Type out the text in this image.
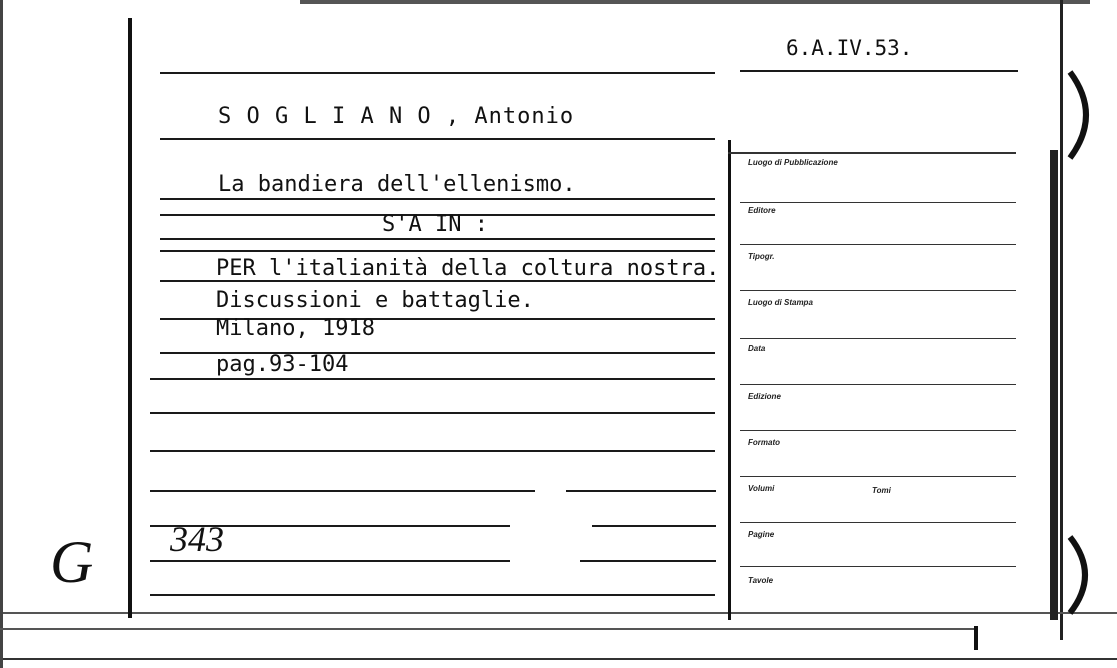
6.A.IV.53.
S O G L I A N O , Antonio
La bandiera dell'ellenismo.
S'A IN :
PER l'italianità della coltura nostra.
Discussioni e battaglie.
Milano, 1918
pag.93-104
343
G
Luogo di Pubblicazione
Editore
Tipogr.
Luogo di Stampa
Data
Edizione
Formato
Volumi	Tomi
Pagine
Tavole
